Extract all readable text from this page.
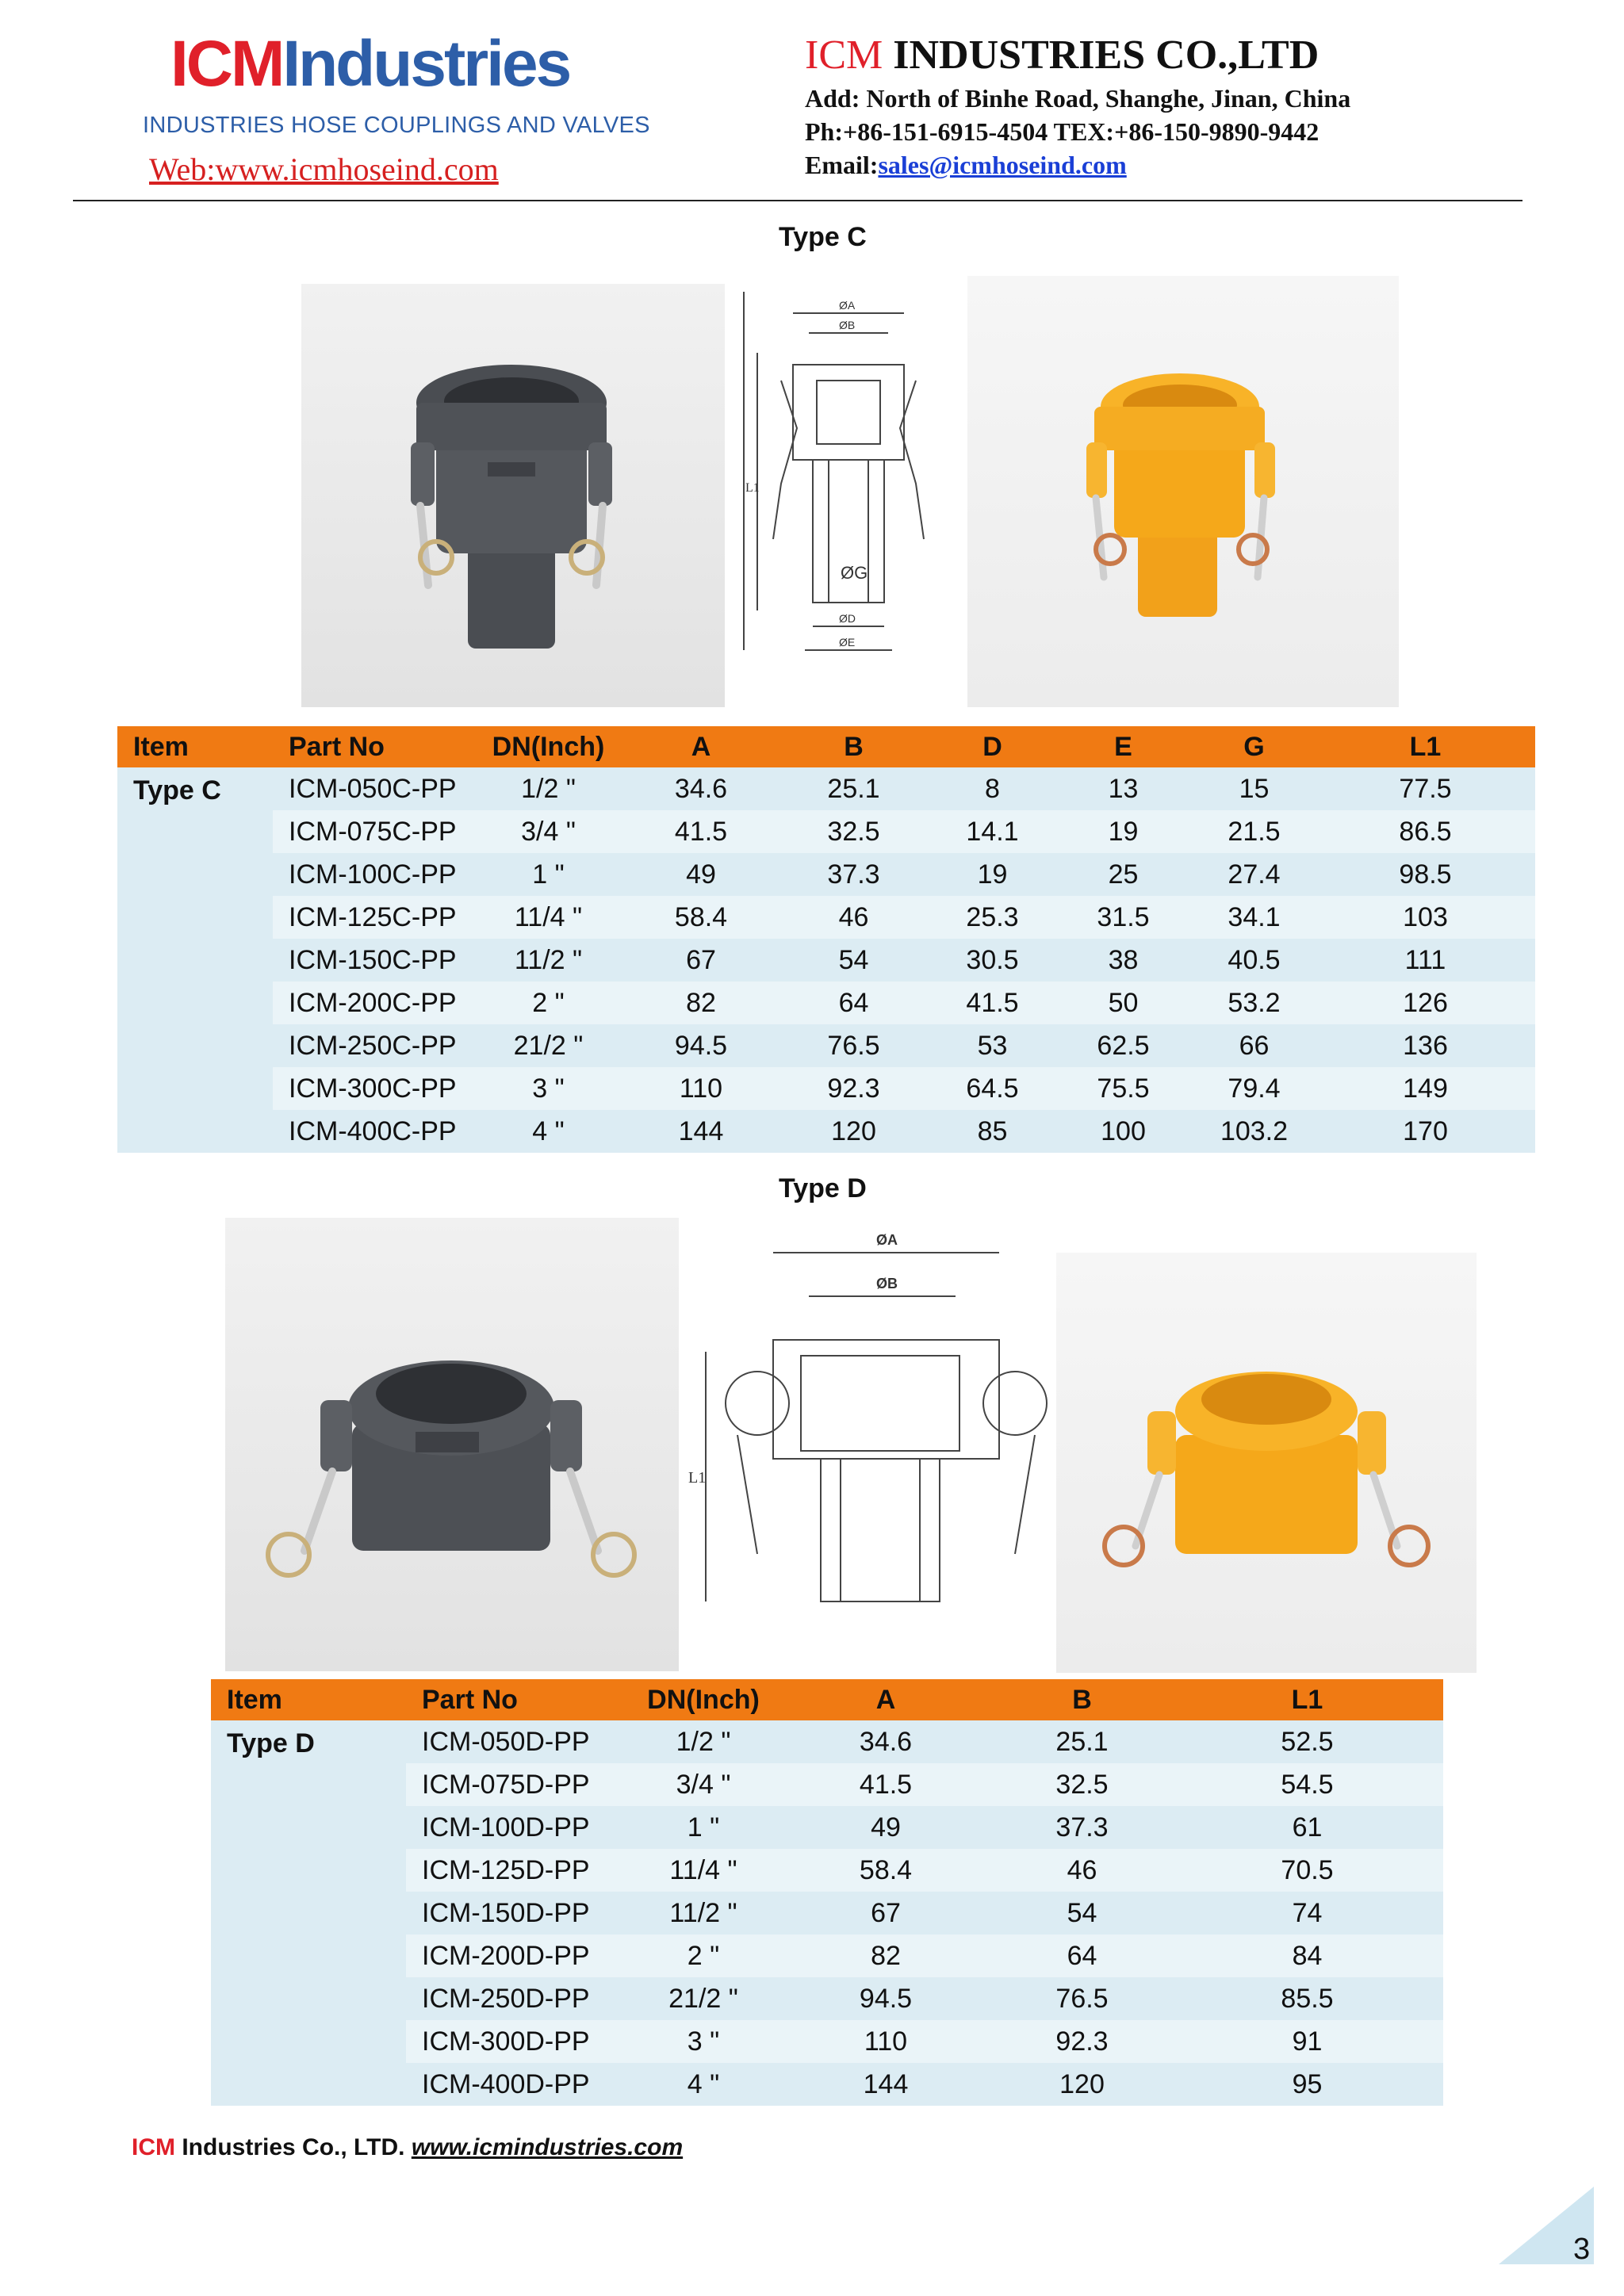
ICMIndustries
INDUSTRIES HOSE COUPLINGS AND VALVES
Web:www.icmhoseind.com
ICM INDUSTRIES CO.,LTD
Add: North of Binhe Road, Shanghe, Jinan, China
Ph:+86-151-6915-4504 TEX:+86-150-9890-9442
Email:sales@icmhoseind.com
Type C
ØA
ØB
L1
ØG
ØD
ØE
Item	Part No	DN(Inch)	A	B	D	E	G	L1
Type C	ICM-050C-PP	1/2 "	34.6	25.1	8	13	15	77.5
	ICM-075C-PP	3/4 "	41.5	32.5	14.1	19	21.5	86.5
	ICM-100C-PP	1 "	49	37.3	19	25	27.4	98.5
	ICM-125C-PP	11/4 "	58.4	46	25.3	31.5	34.1	103
	ICM-150C-PP	11/2 "	67	54	30.5	38	40.5	111
	ICM-200C-PP	2 "	82	64	41.5	50	53.2	126
	ICM-250C-PP	21/2 "	94.5	76.5	53	62.5	66	136
	ICM-300C-PP	3 "	110	92.3	64.5	75.5	79.4	149
	ICM-400C-PP	4 "	144	120	85	100	103.2	170
Type D
ØA
ØB
L1
Item	Part No	DN(Inch)	A	B	L1
Type D	ICM-050D-PP	1/2 "	34.6	25.1	52.5
	ICM-075D-PP	3/4 "	41.5	32.5	54.5
	ICM-100D-PP	1 "	49	37.3	61
	ICM-125D-PP	11/4 "	58.4	46	70.5
	ICM-150D-PP	11/2 "	67	54	74
	ICM-200D-PP	2 "	82	64	84
	ICM-250D-PP	21/2 "	94.5	76.5	85.5
	ICM-300D-PP	3 "	110	92.3	91
	ICM-400D-PP	4 "	144	120	95
ICM Industries Co., LTD. www.icmindustries.com
3
